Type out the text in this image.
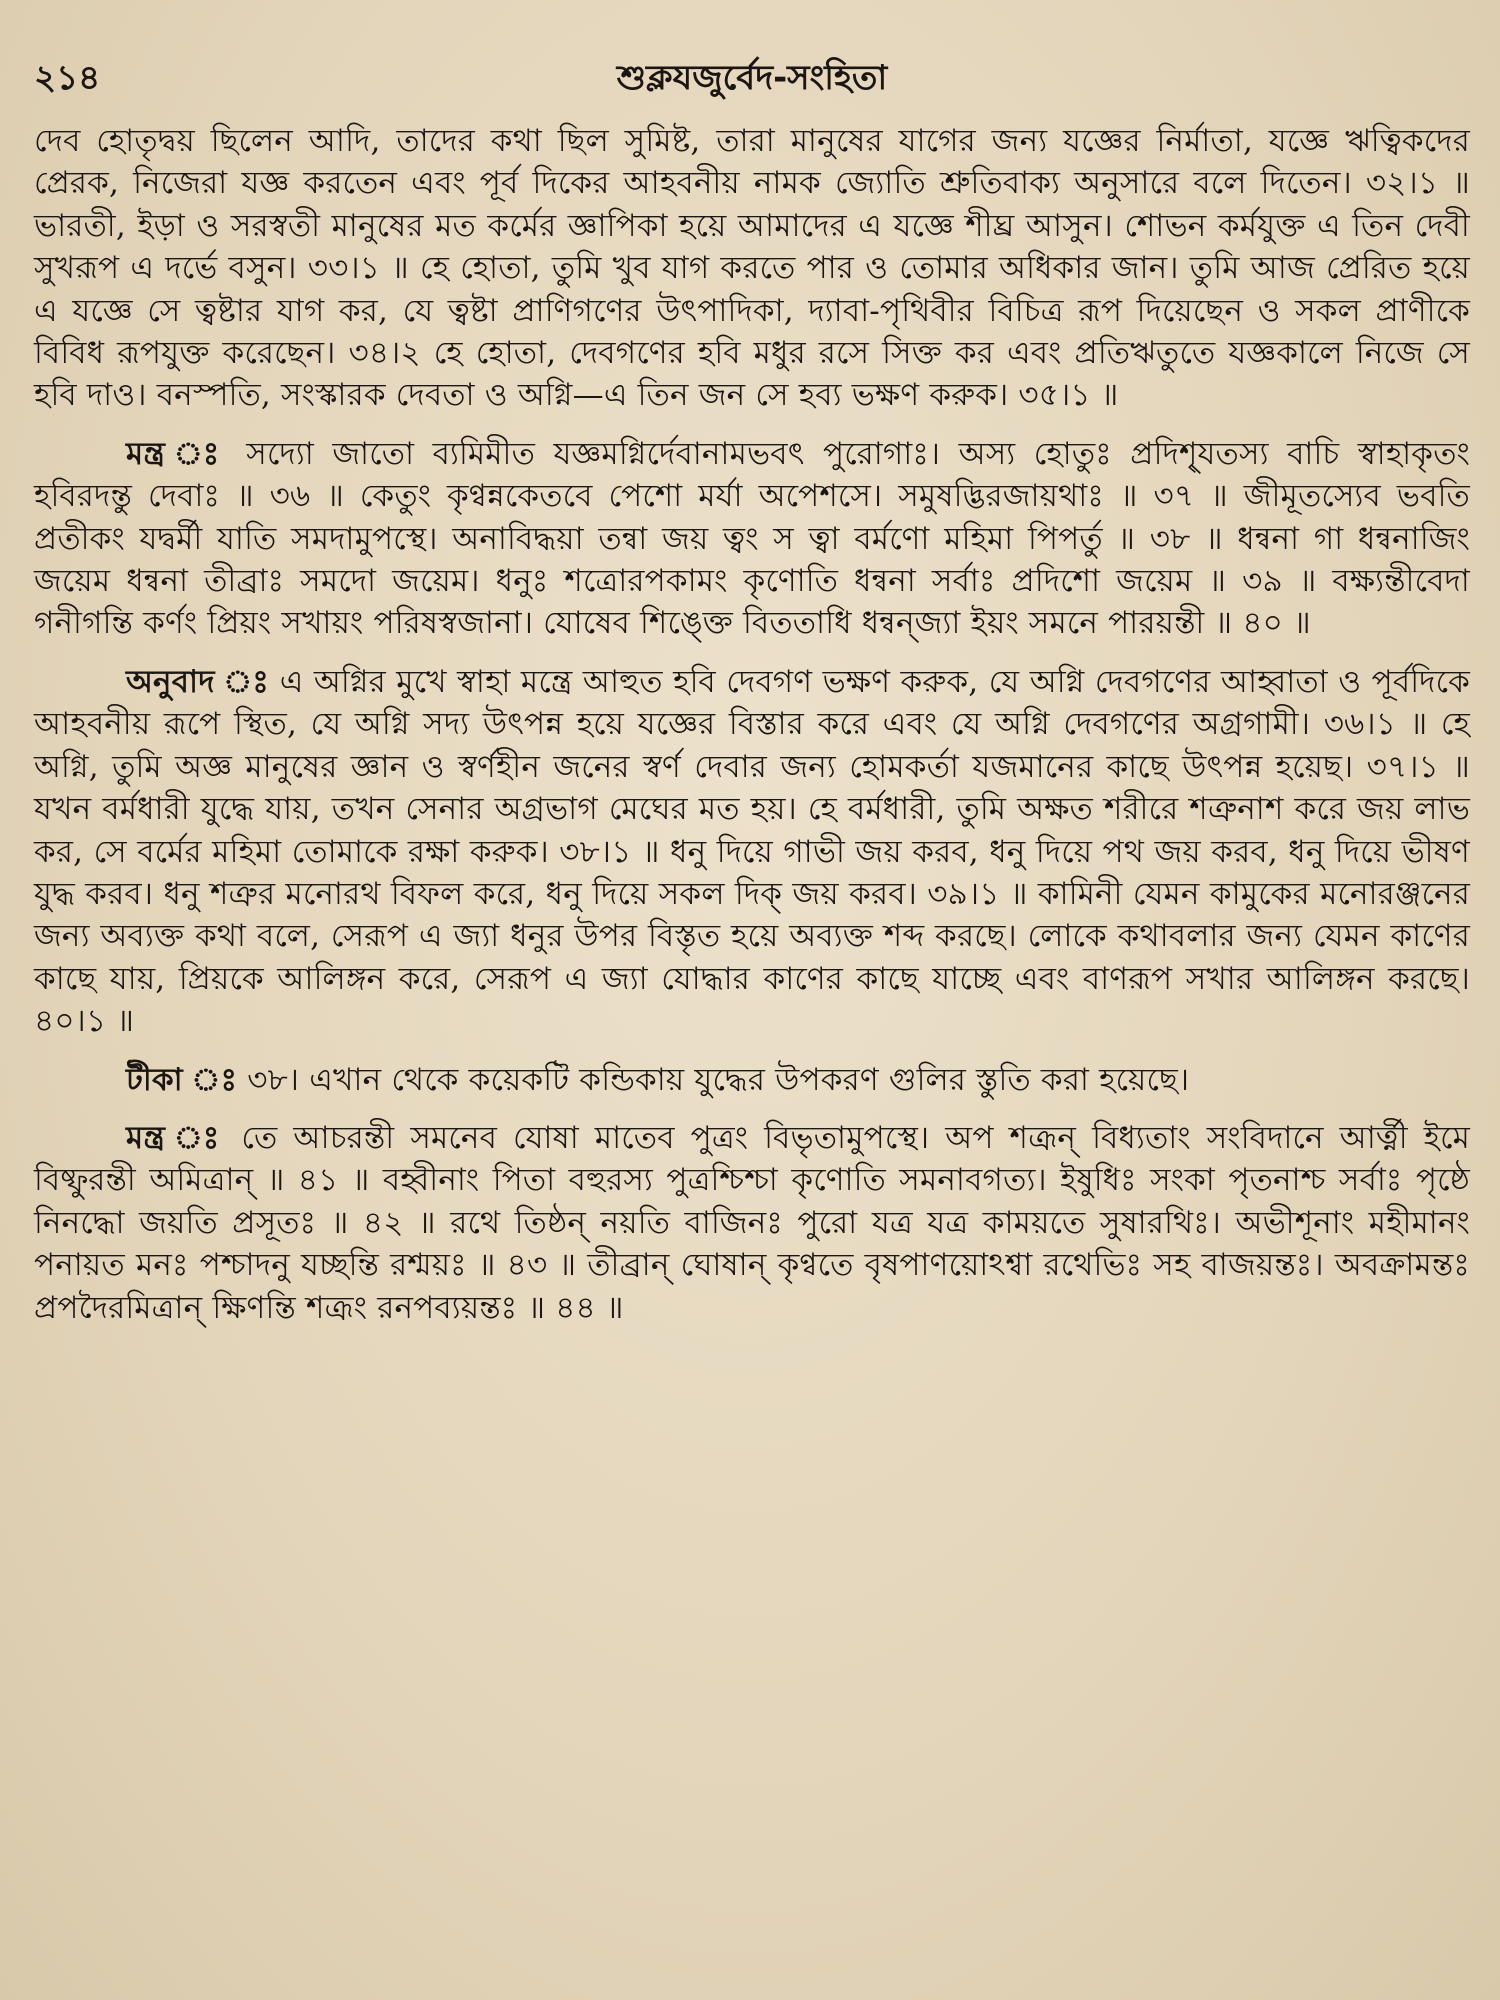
২১৪	শুক্লযজুর্বেদ-সংহিতা

দেব হোতৃদ্বয় ছিলেন আদি, তাদের কথা ছিল সুমিষ্ট, তারা মানুষের যাগের জন্য যজ্ঞের নির্মাতা, যজ্ঞে ঋত্বিকদের প্রেরক, নিজেরা যজ্ঞ করতেন এবং পূর্ব দিকের আহবনীয় নামক জ্যোতি শ্রুতিবাক্য অনুসারে বলে দিতেন। ৩২।১ ॥ ভারতী, ইড়া ও সরস্বতী মানুষের মত কর্মের জ্ঞাপিকা হয়ে আমাদের এ যজ্ঞে শীঘ্র আসুন। শোভন কর্মযুক্ত এ তিন দেবী সুখরূপ এ দর্ভে বসুন। ৩৩।১ ॥ হে হোতা, তুমি খুব যাগ করতে পার ও তোমার অধিকার জান। তুমি আজ প্রেরিত হয়ে এ যজ্ঞে সে ত্বষ্টার যাগ কর, যে ত্বষ্টা প্রাণিগণের উৎপাদিকা, দ্যাবা-পৃথিবীর বিচিত্র রূপ দিয়েছেন ও সকল প্রাণীকে বিবিধ রূপযুক্ত করেছেন। ৩৪।২ হে হোতা, দেবগণের হবি মধুর রসে সিক্ত কর এবং প্রতিঋতুতে যজ্ঞকালে নিজে সে হবি দাও। বনস্পতি, সংস্কারক দেবতা ও অগ্নি—এ তিন জন সে হব্য ভক্ষণ করুক। ৩৫।১ ॥

মন্ত্র ঃ সদ্যো জাতো ব্যমিমীত যজ্ঞমগ্নির্দেবানামভবৎ পুরোগাঃ। অস্য হোতুঃ প্রদিশৃ্যতস্য বাচি স্বাহাকৃতং হবিরদন্তু দেবাঃ ॥ ৩৬ ॥ কেতুং কৃণ্বন্নকেতবে পেশো মর্যা অপেশসে। সমুষদ্ভিরজায়থাঃ ॥ ৩৭ ॥ জীমূতস্যেব ভবতি প্রতীকং যদ্বর্মী যাতি সমদামুপস্থে। অনাবিদ্ধয়া তন্বা জয় ত্বং স ত্বা বর্মণো মহিমা পিপর্তু ॥ ৩৮ ॥ ধন্বনা গা ধন্বনাজিং জয়েম ধন্বনা তীব্রাঃ সমদো জয়েম। ধনুঃ শত্রোরপকামং কৃণোতি ধন্বনা সর্বাঃ প্রদিশো জয়েম ॥ ৩৯ ॥ বক্ষ্যন্তীবেদা গনীগন্তি কর্ণং প্রিয়ং সখায়ং পরিষস্বজানা। যোষেব শিঙ্ক্তে বিততাধি ধন্বন্‌জ্যা ইয়ং সমনে পারয়ন্তী ॥ ৪০ ॥

অনুবাদ ঃ এ অগ্নির মুখে স্বাহা মন্ত্রে আহুত হবি দেবগণ ভক্ষণ করুক, যে অগ্নি দেবগণের আহ্বাতা ও পূর্বদিকে আহবনীয় রূপে স্থিত, যে অগ্নি সদ্য উৎপন্ন হয়ে যজ্ঞের বিস্তার করে এবং যে অগ্নি দেবগণের অগ্রগামী। ৩৬।১ ॥ হে অগ্নি, তুমি অজ্ঞ মানুষের জ্ঞান ও স্বর্ণহীন জনের স্বর্ণ দেবার জন্য হোমকর্তা যজমানের কাছে উৎপন্ন হয়েছ। ৩৭।১ ॥ যখন বর্মধারী যুদ্ধে যায়, তখন সেনার অগ্রভাগ মেঘের মত হয়। হে বর্মধারী, তুমি অক্ষত শরীরে শত্রুনাশ করে জয় লাভ কর, সে বর্মের মহিমা তোমাকে রক্ষা করুক। ৩৮।১ ॥ ধনু দিয়ে গাভী জয় করব, ধনু দিয়ে পথ জয় করব, ধনু দিয়ে ভীষণ যুদ্ধ করব। ধনু শত্রুর মনোরথ বিফল করে, ধনু দিয়ে সকল দিক্‌ জয় করব। ৩৯।১ ॥ কামিনী যেমন কামুকের মনোরঞ্জনের জন্য অব্যক্ত কথা বলে, সেরূপ এ জ্যা ধনুর উপর বিস্তৃত হয়ে অব্যক্ত শব্দ করছে। লোকে কথাবলার জন্য যেমন কাণের কাছে যায়, প্রিয়কে আলিঙ্গন করে, সেরূপ এ জ্যা যোদ্ধার কাণের কাছে যাচ্ছে এবং বাণরূপ সখার আলিঙ্গন করছে। ৪০।১ ॥

টীকা ঃ ৩৮। এখান থেকে কয়েকটি কন্ডিকায় যুদ্ধের উপকরণ গুলির স্তুতি করা হয়েছে।

মন্ত্র ঃ তে আচরন্তী সমনেব যোষা মাতেব পুত্রং বিভৃতামুপস্থে। অপ শত্রূন্‌ বিধ্যতাং সংবিদানে আর্ত্নী ইমে বিষ্ফুরন্তী অমিত্রান্‌ ॥ ৪১ ॥ বহ্বীনাং পিতা বহুরস্য পুত্রশ্চিশ্চা কৃণোতি সমনাবগত্য। ইষুধিঃ সংকা পৃতনাশ্চ সর্বাঃ পৃষ্ঠে নিনদ্ধো জয়তি প্রসূতঃ ॥ ৪২ ॥ রথে তিষ্ঠন্‌ নয়তি বাজিনঃ পুরো যত্র যত্র কাময়তে সুষারথিঃ। অভীশূনাং মহীমানং পনায়ত মনঃ পশ্চাদনু যচ্ছন্তি রশ্ময়ঃ ॥ ৪৩ ॥ তীব্রান্‌ ঘোষান্‌ কৃণ্বতে বৃষপাণয়োঽশ্বা রথেভিঃ সহ বাজয়ন্তঃ। অবক্রামন্তঃ প্রপদৈরমিত্রান্‌ ক্ষিণন্তি শত্রূং রনপব্যয়ন্তঃ ॥ ৪৪ ॥
